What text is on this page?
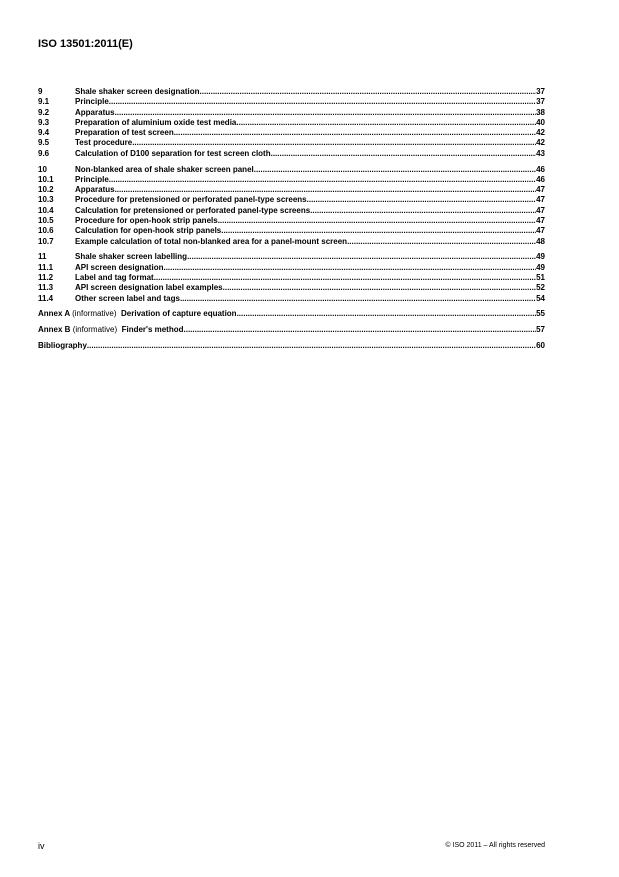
ISO 13501:2011(E)
9	Shale shaker screen designation .....	37
9.1	Principle .....	37
9.2	Apparatus .....	38
9.3	Preparation of aluminium oxide test media .....	40
9.4	Preparation of test screen .....	42
9.5	Test procedure .....	42
9.6	Calculation of D100 separation for test screen cloth .....	43
10	Non-blanked area of shale shaker screen panel .....	46
10.1	Principle .....	46
10.2	Apparatus .....	47
10.3	Procedure for pretensioned or perforated panel-type screens .....	47
10.4	Calculation for pretensioned or perforated panel-type screens .....	47
10.5	Procedure for open-hook strip panels .....	47
10.6	Calculation for open-hook strip panels .....	47
10.7	Example calculation of total non-blanked area for a panel-mount screen .....	48
11	Shale shaker screen labelling .....	49
11.1	API screen designation .....	49
11.2	Label and tag format .....	51
11.3	API screen designation label examples .....	52
11.4	Other screen label and tags .....	54
Annex A (informative) Derivation of capture equation .....	55
Annex B (informative) Finder's method .....	57
Bibliography .....	60
iv	© ISO 2011 – All rights reserved
